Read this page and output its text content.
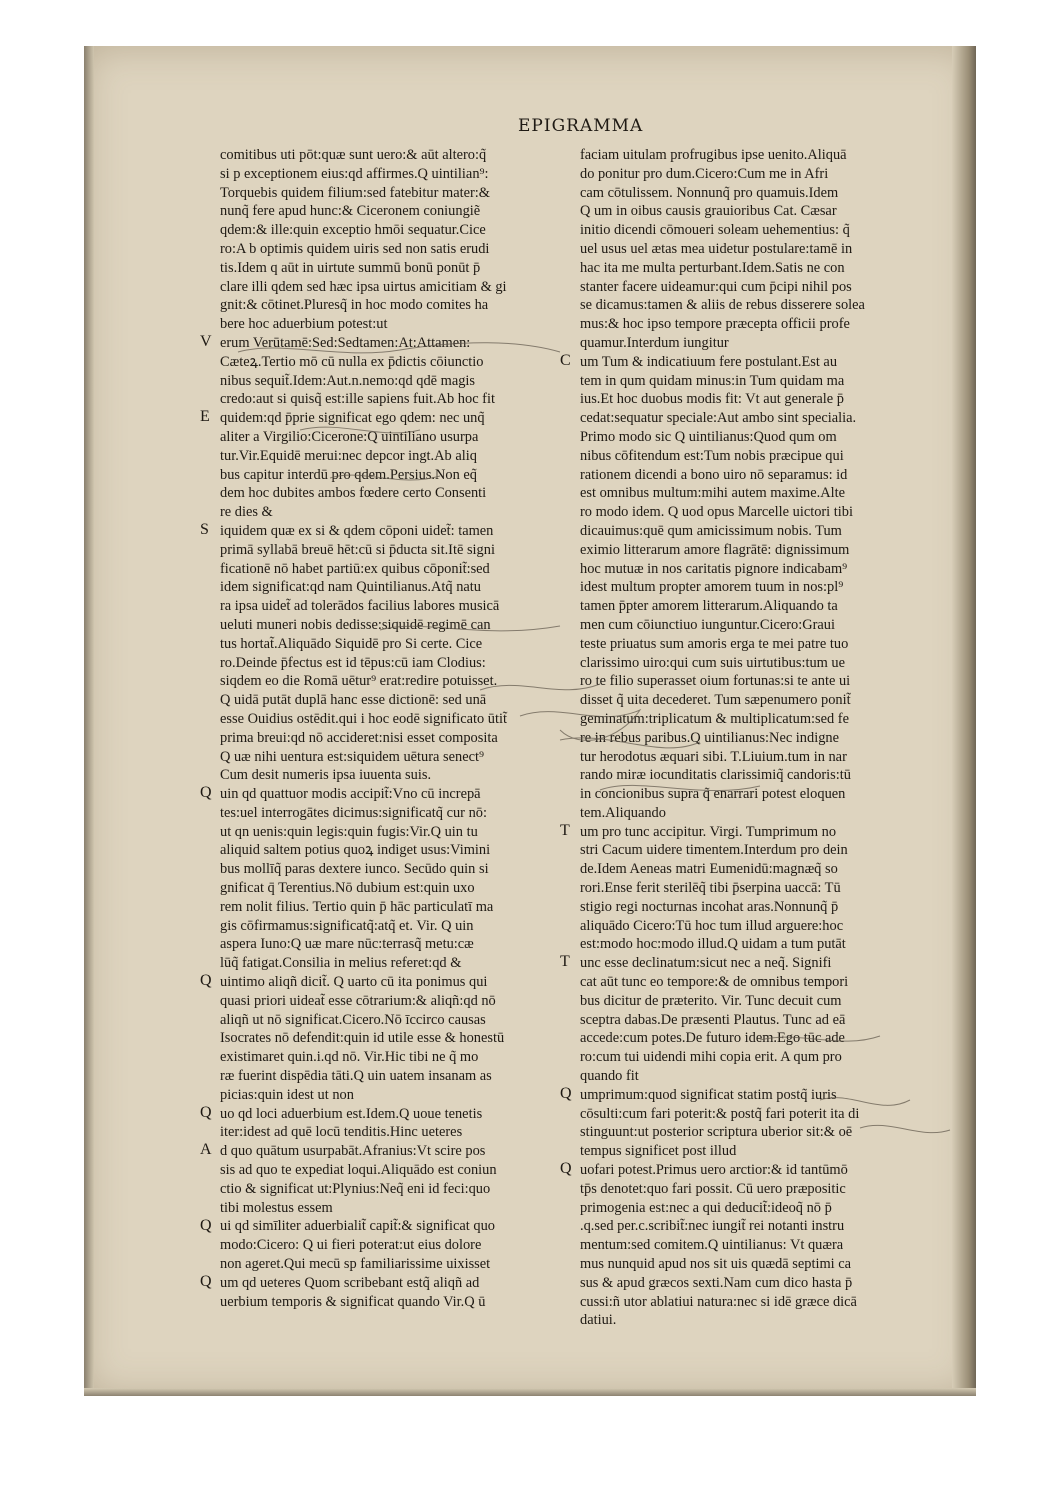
EPIGRAMMA
comitibus uti pōt:quæ sunt uero:& aūt altero:q̃
si p exceptionem eius:qd affirmes.Q uintilian⁹:
Torquebis quidem filium:sed fatebitur mater:&
nunq̃ fere apud hunc:& Ciceronem coniungiẽ
qdem:& ille:quin exceptio hmōi sequatur.Cice
ro:A b optimis quidem uiris sed non satis erudi
tis.Idem q aūt in uirtute summū bonū ponūt p̄
clare illi qdem sed hæc ipsa uirtus amicitiam & gi
gnit:& cōtinet.Pluresq̃ in hoc modo comites ha
bere hoc aduerbium potest:ut
erum Verūtamē:Sed:Sedtamen:At:Attamen:
Cæteꝝ.Tertio mō cū nulla ex p̄dictis cōiunctio
nibus sequit̃.Idem:Aut.n.nemo:qd qdē magis
credo:aut si quisq̃ est:ille sapiens fuit.Ab hoc fit
quidem:qd p̄prie significat ego qdem: nec unq̃
aliter a Virgilio:Cicerone:Q uintiliano usurpa
tur.Vir.Equidē merui:nec depcor ingt.Ab aliq
bus capitur interdū pro qdem.Persius.Non eq̃
dem hoc dubites ambos fœdere certo Consenti
re dies &
iquidem quæ ex si & qdem cōponi uidet̃: tamen
primā syllabā breuē hēt:cū si p̄ducta sit.Itē signi
ficationē nō habet partiū:ex quibus cōponit̃:sed
idem significat:qd nam Quintilianus.Atq̃ natu
ra ipsa uidet̃ ad tolerādos facilius labores musicā
ueluti muneri nobis dedisse:siquidē regimē can
tus hortat̃.Aliquādo Siquidē pro Si certe. Cice
ro.Deinde p̄fectus est id tēpus:cū iam Clodius:
siqdem eo die Romā uētur⁹ erat:redire potuisset.
Q uidā putāt duplā hanc esse dictionē: sed unā
esse Ouidius ostēdit.qui i hoc eodē significato ūtit̃
prima breui:qd nō accideret:nisi esset composita
Q uæ nihi uentura est:siquidem uētura senect⁹
Cum desit numeris ipsa iuuenta suis.
uin qd quattuor modis accipit̃:Vno cū increpā
tes:uel interrogātes dicimus:significatq̃ cur nō:
ut qn uenis:quin legis:quin fugis:Vir.Q uin tu
aliquid saltem potius quoꝝ indiget usus:Vimini
bus mollīq̃ paras dextere iunco. Secūdo quin si
gnificat q̄ Terentius.Nō dubium est:quin uxo
rem nolit filius. Tertio quin p̄ hāc particulatī ma
gis cōfirmamus:significatq̃:atq̃ et. Vir. Q uin
aspera Iuno:Q uæ mare nūc:terrasq̃ metu:cæ
lūq̃ fatigat.Consilia in melius referet:qd &
uintimo aliqñ dicit̃. Q uarto cū ita ponimus qui
quasi priori uideat̃ esse cōtrarium:& aliqñ:qd nō
aliqñ ut nō significat.Cicero.Nō īccirco causas
Isocrates nō defendit:quin id utile esse & honestū
existimaret quin.i.qd nō. Vir.Hic tibi ne q̃ mo
ræ fuerint dispēdia tāti.Q uin uatem insanam as
picias:quin idest ut non
uo qd loci aduerbium est.Idem.Q uoue tenetis
iter:idest ad quē locū tenditis.Hinc ueteres
d quo quātum usurpabāt.Afranius:Vt scire pos
sis ad quo te expediat loqui.Aliquādo est coniun
ctio & significat ut:Plynius:Neq̃ eni id feci:quo
tibi molestus essem
ui qd simīliter aduerbialit̃ capit̃:& significat quo
modo:Cicero: Q ui fieri poterat:ut eius dolore
non ageret.Qui mecū sp familiarissime uixisset
um qd ueteres Quom scribebant estq̃ aliqñ ad
uerbium temporis & significat quando Vir.Q ū
faciam uitulam profrugibus ipse uenito.Aliquā
do ponitur pro dum.Cicero:Cum me in Afri
cam cōtulissem. Nonnunq̃ pro quamuis.Idem
Q um in oibus causis grauioribus Cat. Cæsar
initio dicendi cōmoueri soleam uehementius: q̃
uel usus uel ætas mea uidetur postulare:tamē in
hac ita me multa perturbant.Idem.Satis ne con
stanter facere uideamur:qui cum p̄cipi nihil pos
se dicamus:tamen & aliis de rebus disserere solea
mus:& hoc ipso tempore præcepta officii profe
quamur.Interdum iungitur
um Tum & indicatiuum fere postulant.Est au
tem in qum quidam minus:in Tum quidam ma
ius.Et hoc duobus modis fit: Vt aut generale p̄
cedat:sequatur speciale:Aut ambo sint specialia.
Primo modo sic Q uintilianus:Quod qum om
nibus cōfitendum est:Tum nobis præcipue qui
rationem dicendi a bono uiro nō separamus: id
est omnibus multum:mihi autem maxime.Alte
ro modo idem. Q uod opus Marcelle uictori tibi
dicauimus:quē qum amicissimum nobis. Tum
eximio litterarum amore flagrātē: dignissimum
hoc mutuæ in nos caritatis pignore indicabam⁹
idest multum propter amorem tuum in nos:pl⁹
tamen p̄pter amorem litterarum.Aliquando ta
men cum cōiunctiuo iunguntur.Cicero:Graui
teste priuatus sum amoris erga te mei patre tuo
clarissimo uiro:qui cum suis uirtutibus:tum ue
ro te filio superasset oium fortunas:si te ante ui
disset q̃ uita decederet. Tum sæpenumero ponit̃
geminatum:triplicatum & multiplicatum:sed fe
re in rebus paribus.Q uintilianus:Nec indigne
tur herodotus æquari sibi. T.Liuium.tum in nar
rando miræ iocunditatis clarissimiq̃ candoris:tū
in concionibus supra q̃ enarrari potest eloquen
tem.Aliquando
um pro tunc accipitur. Virgi. Tumprimum no
stri Cacum uidere timentem.Interdum pro dein
de.Idem Aeneas matri Eumenidū:magnæq̃ so
rori.Ense ferit sterilēq̃ tibi p̄serpina uaccā: Tū
stigio regi nocturnas incohat aras.Nonnunq̃ p̄
aliquādo Cicero:Tū hoc tum illud arguere:hoc
est:modo hoc:modo illud.Q uidam a tum putāt
unc esse declinatum:sicut nec a neq̃. Signifi
cat aūt tunc eo tempore:& de omnibus tempori
bus dicitur de præterito. Vir. Tunc decuit cum
sceptra dabas.De præsenti Plautus. Tunc ad eā
accede:cum potes.De futuro idem.Ego tūc ade
ro:cum tui uidendi mihi copia erit. A qum pro
quando fit
umprimum:quod significat statim postq̃ iuris
cōsulti:cum fari poterit:& postq̃ fari poterit ita di
stinguunt:ut posterior scriptura uberior sit:& oē
tempus significet post illud
uofari potest.Primus uero arctior:& id tantūmō
tp̄s denotet:quo fari possit. Cū uero præpositic
primogenia est:nec a qui deducit̃:ideoq̃ nō p̄
.q.sed per.c.scribit̃:nec iungit̃ rei notanti instru
mentum:sed comitem.Q uintilianus: Vt quæra
mus nunquid apud nos sit uis quædā septimi ca
sus & apud græcos sexti.Nam cum dico hasta p̄
cussi:ñ utor ablatiui natura:nec si idē græce dicā
datiui.
V
E
S
Q
Q
Q
A
Q
Q
C
T
T
Q
Q
